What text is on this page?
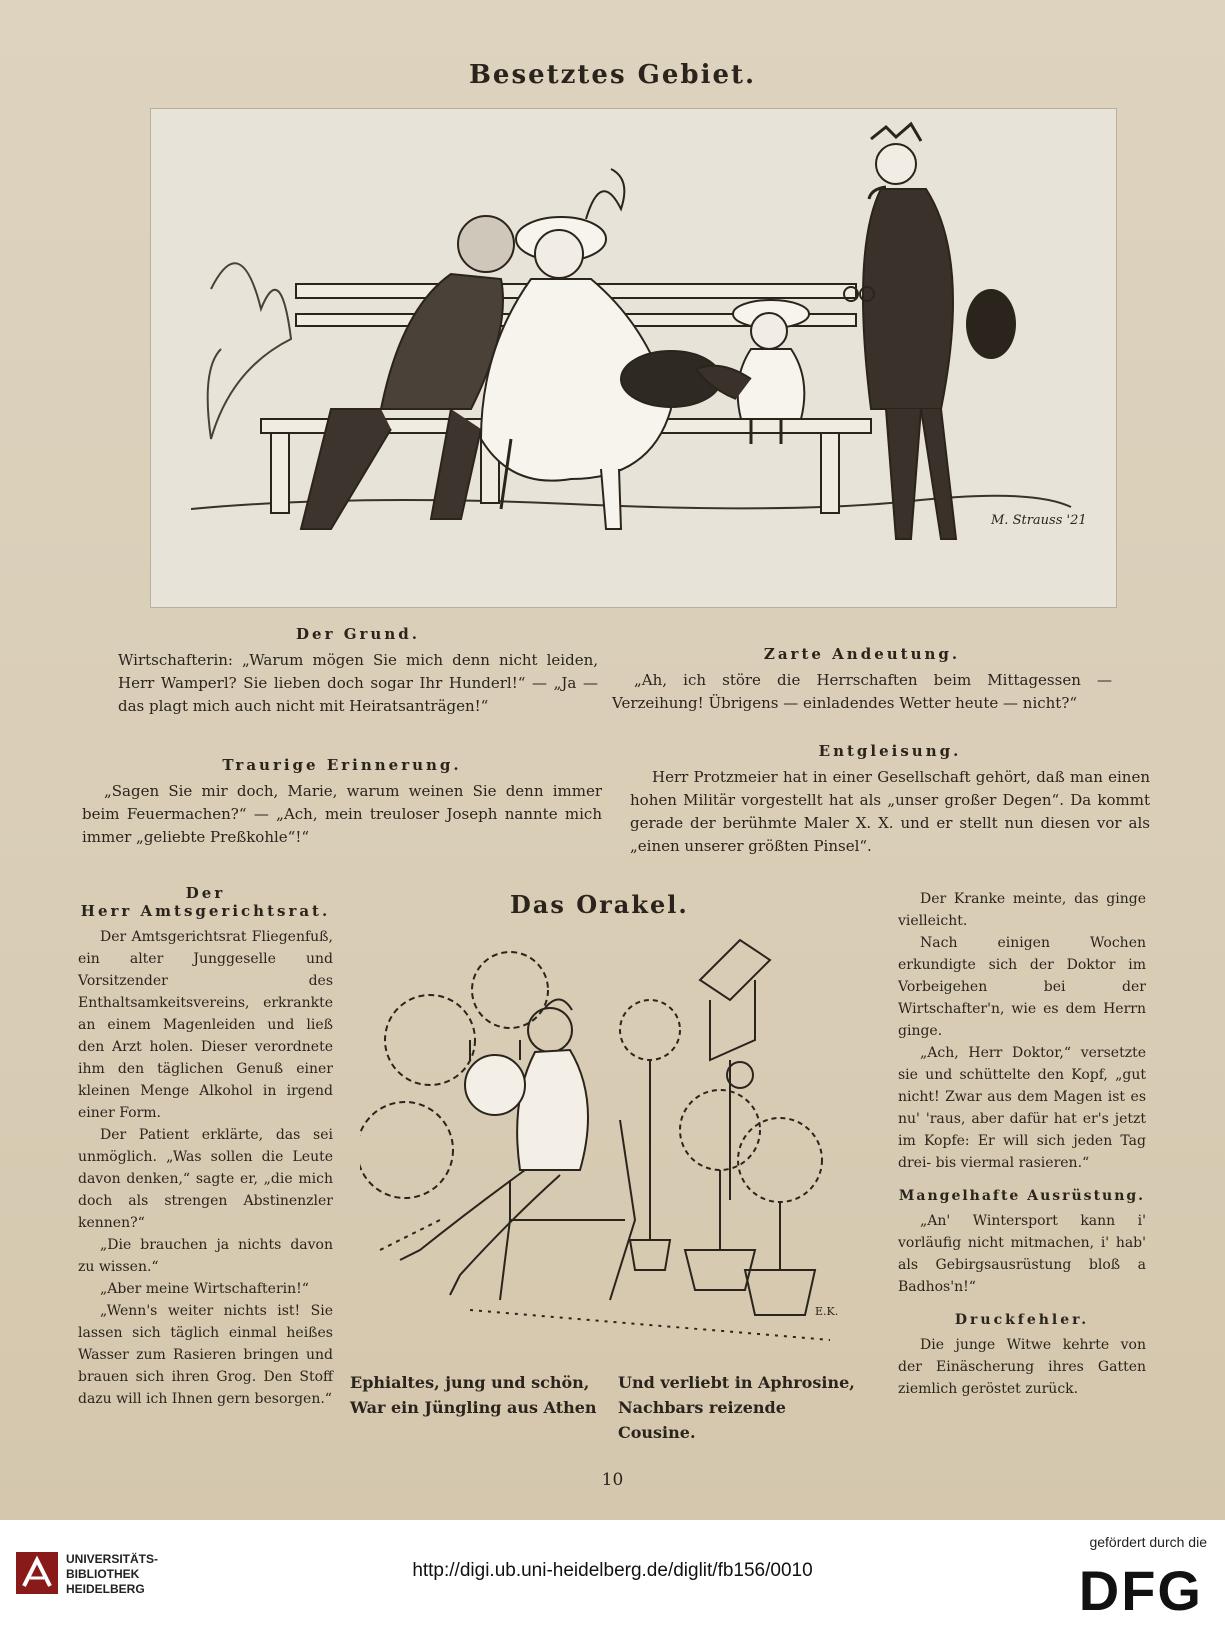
Besetztes Gebiet.
M. Strauss '21
Der Grund.

Wirtschafterin: „Warum mögen Sie mich denn nicht leiden, Herr Wamperl? Sie lieben doch sogar Ihr Hunderl!“ — „Ja — das plagt mich auch nicht mit Heiratsanträgen!“

Zarte Andeutung.

„Ah, ich störe die Herrschaften beim Mittagessen — Verzeihung! Übrigens — einladendes Wetter heute — nicht?“

Traurige Erinnerung.

„Sagen Sie mir doch, Marie, warum weinen Sie denn immer beim Feuermachen?“ — „Ach, mein treuloser Joseph nannte mich immer „geliebte Preßkohle“!“

Entgleisung.

Herr Protzmeier hat in einer Gesellschaft gehört, daß man einen hohen Militär vorgestellt hat als „unser großer Degen“. Da kommt gerade der berühmte Maler X. X. und er stellt nun diesen vor als „einen unserer größten Pinsel“.

Der
Herr Amtsgerichtsrat.

Der Amtsgerichtsrat Fliegenfuß, ein alter Junggeselle und Vorsitzender des Enthaltsamkeitsvereins, erkrankte an einem Magenleiden und ließ den Arzt holen. Dieser verordnete ihm den täglichen Genuß einer kleinen Menge Alkohol in irgend einer Form.

Der Patient erklärte, das sei unmöglich. „Was sollen die Leute davon denken,“ sagte er, „die mich doch als strengen Abstinenzler kennen?“

„Die brauchen ja nichts davon zu wissen.“

„Aber meine Wirtschafterin!“

„Wenn's weiter nichts ist! Sie lassen sich täglich einmal heißes Wasser zum Rasieren bringen und brauen sich ihren Grog. Den Stoff dazu will ich Ihnen gern besorgen.“

Das Orakel.
E.K.
Ephialtes, jung und schön,
War ein Jüngling aus Athen
Und verliebt in Aphrosine,
Nachbars reizende Cousine.

Der Kranke meinte, das ginge vielleicht.

Nach einigen Wochen erkundigte sich der Doktor im Vorbeigehen bei der Wirtschafter'n, wie es dem Herrn ginge.

„Ach, Herr Doktor,“ versetzte sie und schüttelte den Kopf, „gut nicht! Zwar aus dem Magen ist es nu' 'raus, aber dafür hat er's jetzt im Kopfe: Er will sich jeden Tag drei- bis viermal rasieren.“

Mangelhafte Ausrüstung.

„An' Wintersport kann i' vorläufig nicht mitmachen, i' hab' als Gebirgsausrüstung bloß a Badhos'n!“

Druckfehler.

Die junge Witwe kehrte von der Einäscherung ihres Gatten ziemlich geröstet zurück.

10
UNIVERSITÄTS-
BIBLIOTHEK
HEIDELBERG
http://digi.ub.uni-heidelberg.de/diglit/fb156/0010
gefördert durch die
DFG
